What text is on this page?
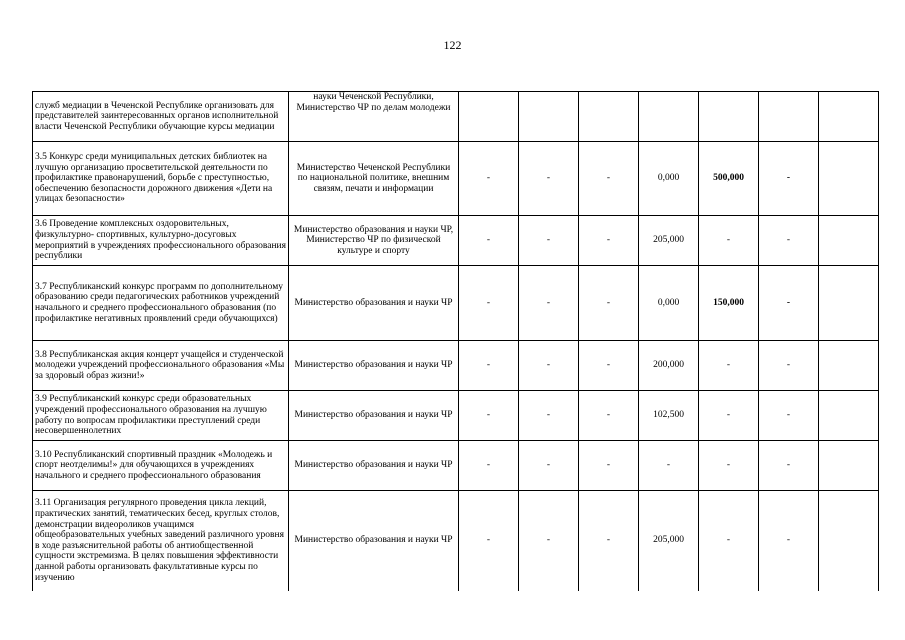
122
служб медиации в Чеченской Республике организовать для представителей заинтересованных органов исполнительной власти Чеченской Республики обучающие курсы медиации	науки Чеченской Республики, Министерство ЧР по делам молодежи							
3.5 Конкурс среди муниципальных детских библиотек на лучшую организацию просветительской деятельности по профилактике правонарушений, борьбе с преступностью, обеспечению безопасности дорожного движения «Дети на улицах безопасности»	Министерство Чеченской Республики по национальной политике, внешним связям, печати и информации	-	-	-	0,000	500,000	-	
3.6 Проведение комплексных оздоровительных, физкультурно- спортивных, культурно-досуговых мероприятий в учреждениях профессионального образования республики	Министерство образования и науки ЧР, Министерство ЧР по физической культуре и спорту	-	-	-	205,000	-	-	
3.7 Республиканский конкурс программ по дополнительному образованию среди педагогических работников учреждений начального и среднего профессионального образования (по профилактике негативных проявлений среди обучающихся)	Министерство образования и науки ЧР	-	-	-	0,000	150,000	-	
3.8 Республиканская акция концерт учащейся и студенческой молодежи учреждений профессионального образования «Мы за здоровый образ жизни!»	Министерство образования и науки ЧР	-	-	-	200,000	-	-	
3.9 Республиканский конкурс среди образовательных учреждений профессионального образования на лучшую работу по вопросам профилактики преступлений среди несовершеннолетних	Министерство образования и науки ЧР	-	-	-	102,500	-	-	
3.10 Республиканский спортивный праздник «Молодежь и спорт неотделимы!» для обучающихся в учреждениях начального и среднего профессионального образования	Министерство образования и науки ЧР	-	-	-	-	-	-	
3.11 Организация регулярного проведения цикла лекций, практических занятий, тематических бесед, круглых столов, демонстрации видеороликов учащимся общеобразовательных учебных заведений различного уровня в ходе разъяснительной работы об антиобщественной сущности экстремизма. В целях повышения эффективности данной работы организовать факультативные курсы по изучению	Министерство образования и науки ЧР	-	-	-	205,000	-	-	
